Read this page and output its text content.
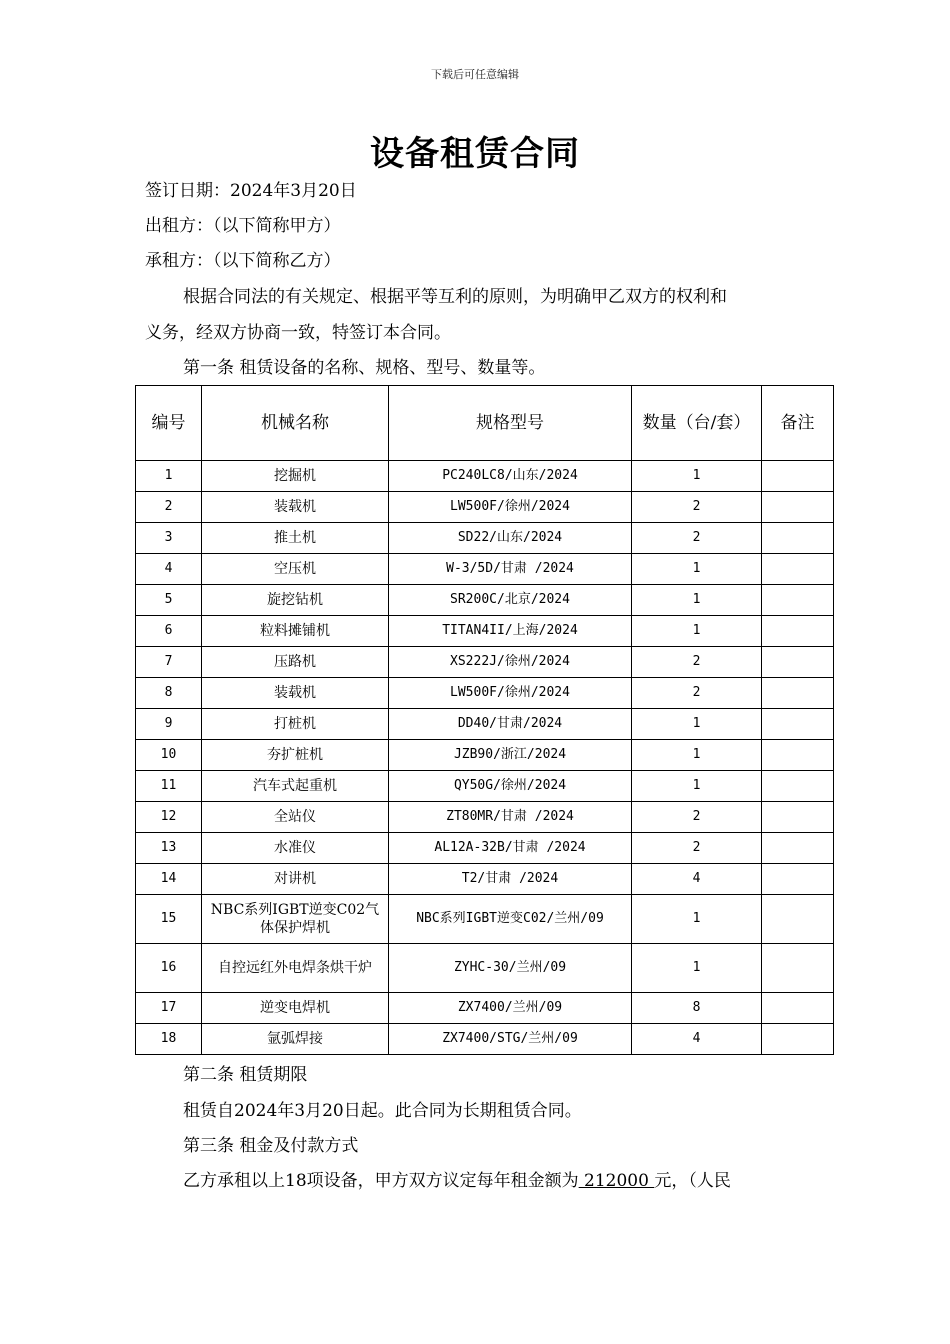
下载后可任意编辑
设备租赁合同
签订日期：2024年3月20日
出租方：（以下简称甲方）
承租方：（以下简称乙方）
根据合同法的有关规定、根据平等互利的原则，为明确甲乙双方的权利和
义务，经双方协商一致，特签订本合同。
第一条 租赁设备的名称、规格、型号、数量等。
编号	机械名称	规格型号	数量（台/套）	备注
1	挖掘机	PC240LC8/山东/2024	1	
2	装载机	LW500F/徐州/2024	2	
3	推土机	SD22/山东/2024	2	
4	空压机	W-3/5D/甘肃 /2024	1	
5	旋挖钻机	SR200C/北京/2024	1	
6	粒料摊铺机	TITAN4II/上海/2024	1	
7	压路机	XS222J/徐州/2024	2	
8	装载机	LW500F/徐州/2024	2	
9	打桩机	DD40/甘肃/2024	1	
10	夯扩桩机	JZB90/浙江/2024	1	
11	汽车式起重机	QY50G/徐州/2024	1	
12	全站仪	ZT80MR/甘肃 /2024	2	
13	水准仪	AL12A-32B/甘肃 /2024	2	
14	对讲机	T2/甘肃 /2024	4	
15	NBC系列IGBT逆变C02气体保护焊机	NBC系列IGBT逆变C02/兰州/09	1	
16	自控远红外电焊条烘干炉	ZYHC-30/兰州/09	1	
17	逆变电焊机	ZX7400/兰州/09	8	
18	氩弧焊接	ZX7400/STG/兰州/09	4	
第二条 租赁期限
租赁自2024年3月20日起。此合同为长期租赁合同。
第三条 租金及付款方式
乙方承租以上18项设备，甲方双方议定每年租金额为 212000 元，（人民
